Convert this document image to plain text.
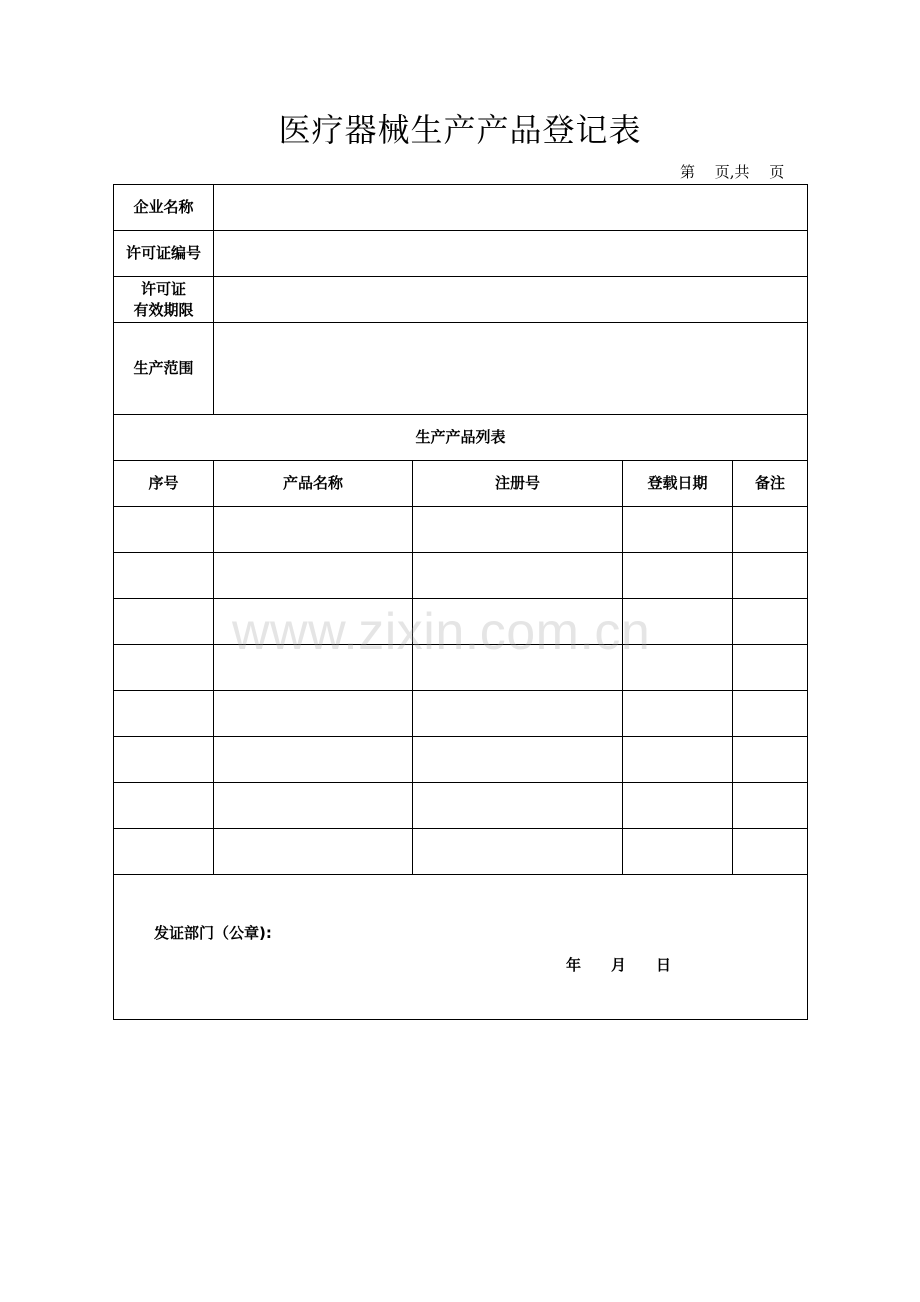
医疗器械生产产品登记表
第　 页,共　 页
企业名称				
许可证编号				

许可证
有效期限				

生产范围				
生产产品列表				
序号	产品名称	注册号	登载日期	备注

发证部门（公章):
年　　月　　日				
www.zixin.com.cn
